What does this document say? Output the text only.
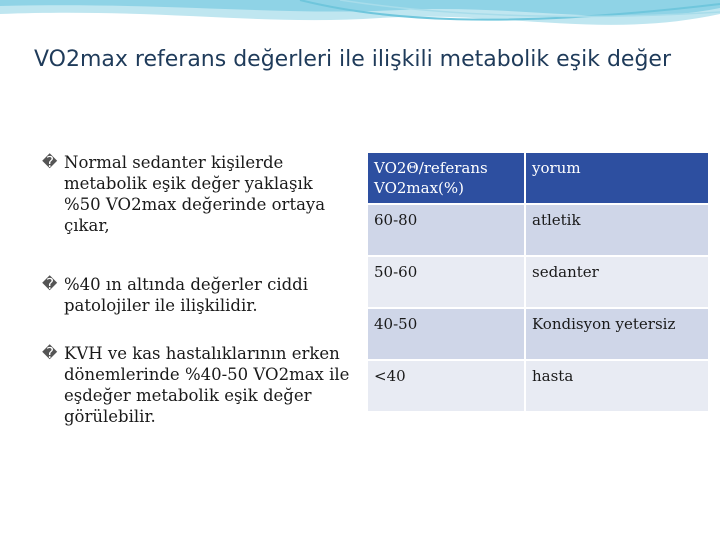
VO2max referans değerleri ile ilişkili metabolik eşik değer

� Normal sedanter kişilerde metabolik eşik değer yaklaşık %50 VO2max değerinde ortaya çıkar,

� %40 ın altında değerler ciddi patolojiler ile ilişkilidir.

� KVH ve kas hastalıklarının erken dönemlerinde %40-50 VO2max ile eşdeğer metabolik eşik değer görülebilir.

VO2Θ/referans VO2max(%)	yorum
60-80	atletik
50-60	sedanter
40-50	Kondisyon yetersiz
<40	hasta
